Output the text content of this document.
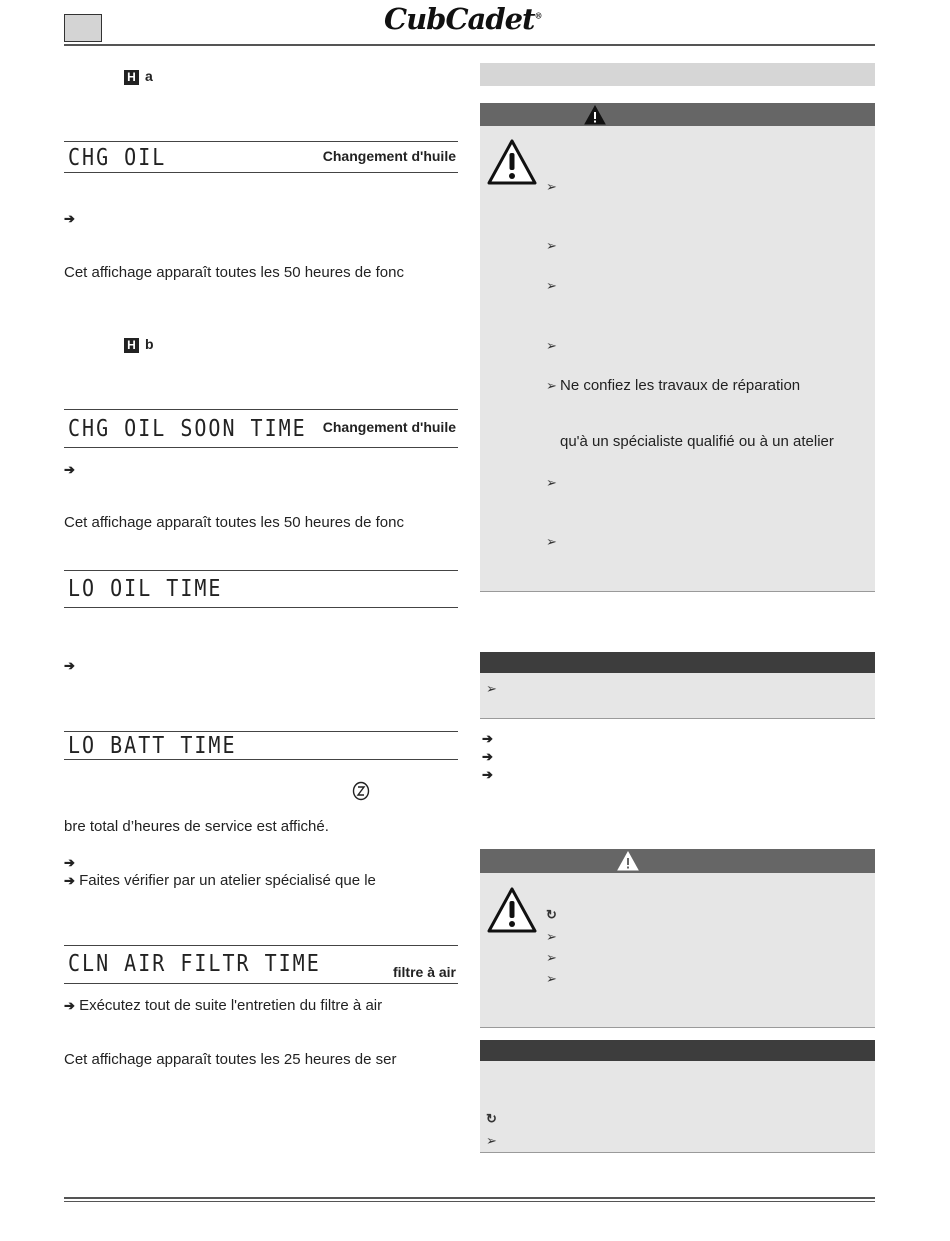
CubCadet®
H a
CHG OIL	Changement d'huile
➔
Cet affichage apparaît toutes les 50 heures de fonc
H b
CHG OIL SOON TIME Changement d'huile
➔
Cet affichage apparaît toutes les 50 heures de fonc
LO OIL TIME
➔
LO BATT TIME
bre total d’heures de service est affiché.
➔
➔ Faites vérifier par un atelier spécialisé que le
CLN AIR FILTR TIME	filtre à air
➔ Exécutez tout de suite l'entretien du filtre à air
Cet affichage apparaît toutes les 25 heures de ser
➢
➢
➢
➢
➢ Ne confiez les travaux de réparation
qu'à un spécialiste qualifié ou à un atelier
➢
➢
➢
➔
➔
➔
↻
➢
➢
➢
↻
➢
